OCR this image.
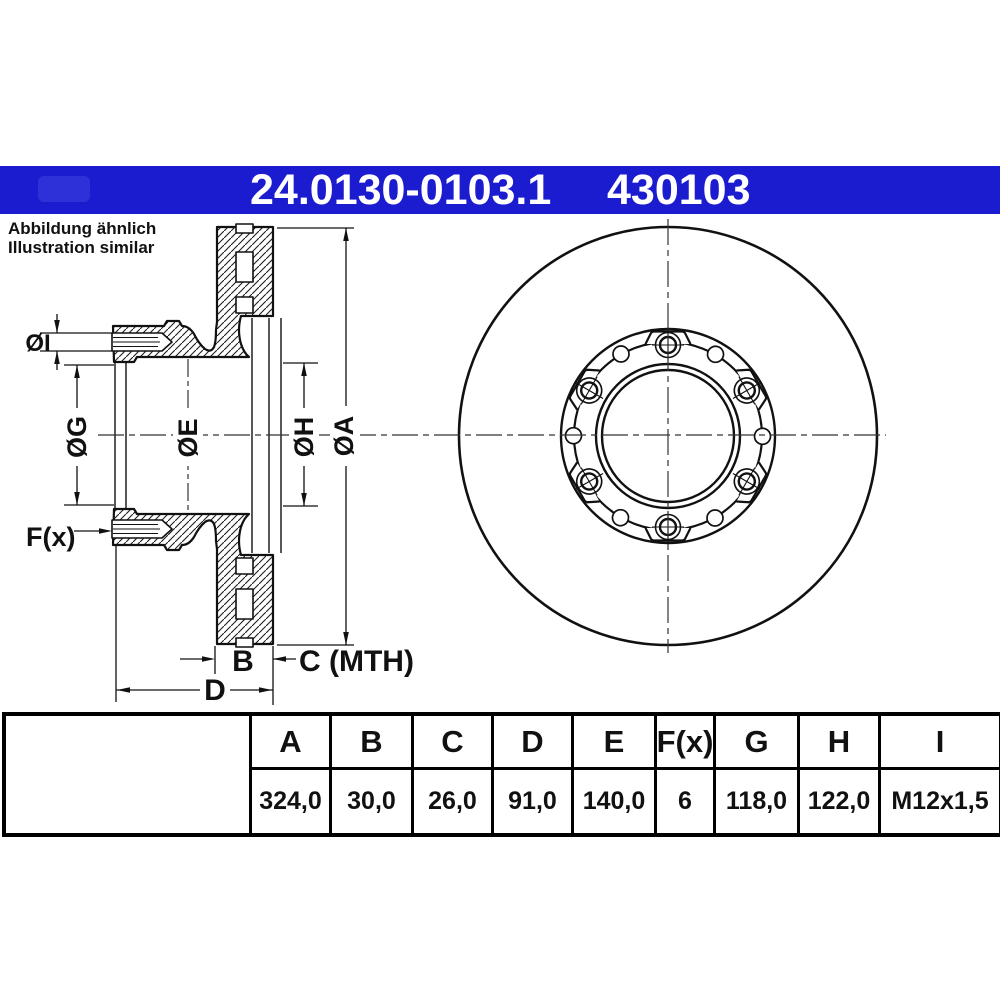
24.0130-0103.1 430103
Abbildung ähnlich
Illustration similar
ØI
ØG	ØE	ØH ØA
F(x)
B C (MTH)
D
A	B	C	D	E	F(x)	G	H	I
324,0	30,0	26,0	91,0	140,0	6	118,0 122,0 M12x1,5
